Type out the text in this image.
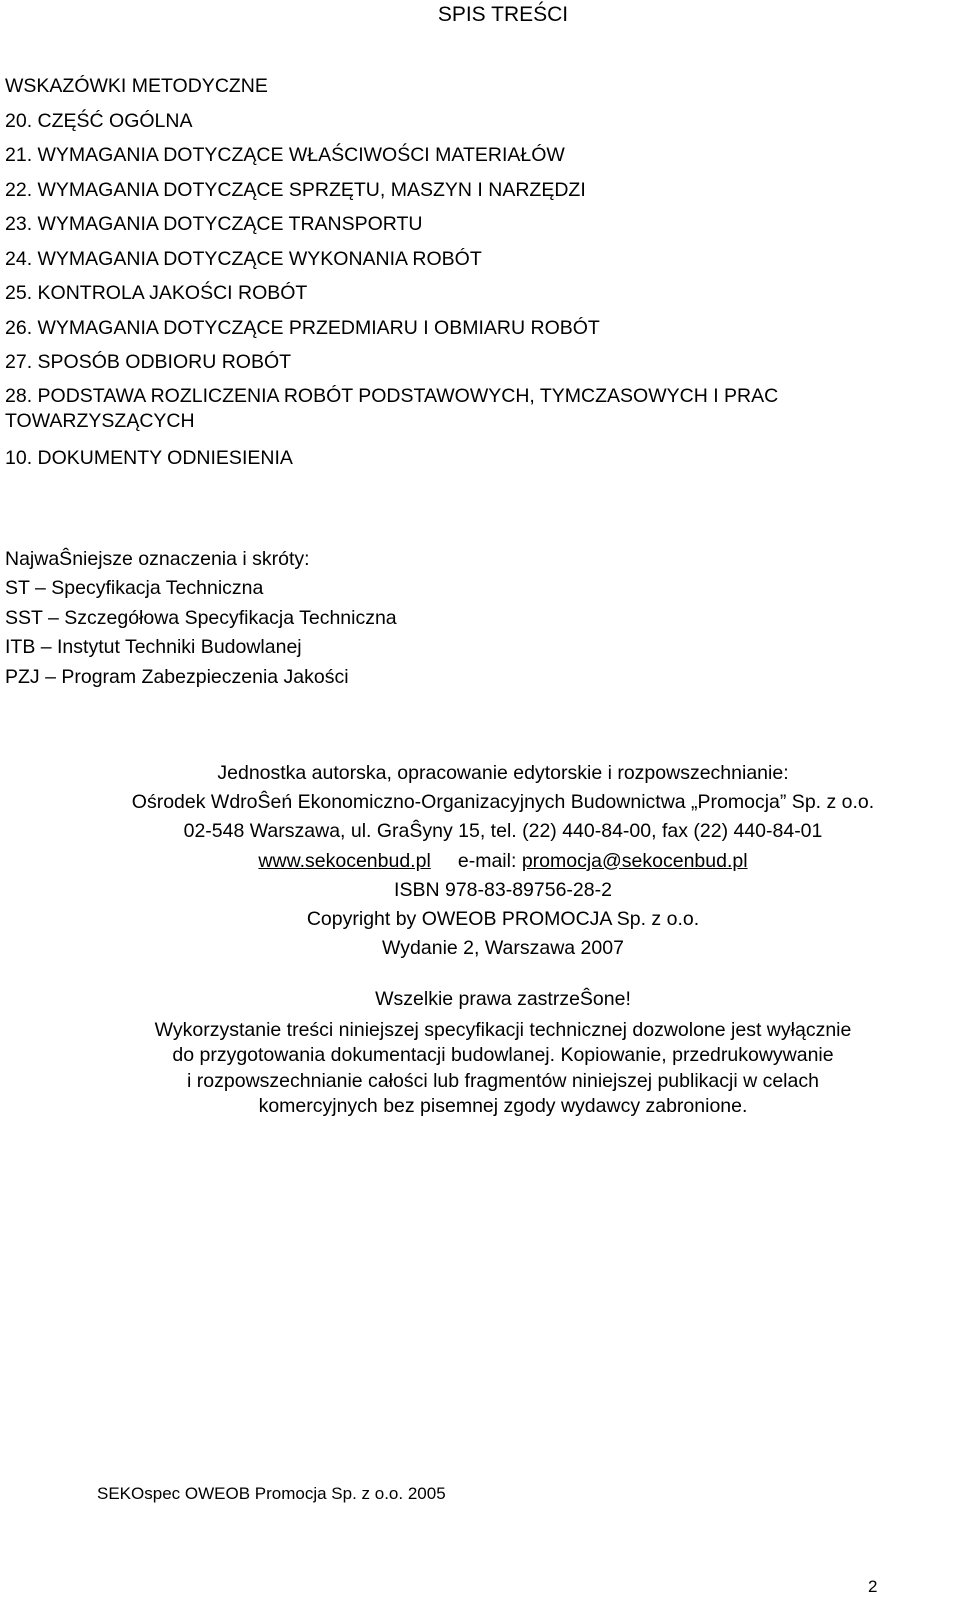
SPIS TREŚCI
WSKAZÓWKI METODYCZNE
20. CZĘŚĆ OGÓLNA
21. WYMAGANIA DOTYCZĄCE WŁAŚCIWOŚCI MATERIAŁÓW
22. WYMAGANIA DOTYCZĄCE SPRZĘTU, MASZYN I NARZĘDZI
23. WYMAGANIA DOTYCZĄCE TRANSPORTU
24. WYMAGANIA DOTYCZĄCE WYKONANIA ROBÓT
25. KONTROLA JAKOŚCI ROBÓT
26. WYMAGANIA DOTYCZĄCE PRZEDMIARU I OBMIARU ROBÓT
27. SPOSÓB ODBIORU ROBÓT
28. PODSTAWA ROZLICZENIA ROBÓT PODSTAWOWYCH, TYMCZASOWYCH I PRAC TOWARZYSZĄCYCH
10. DOKUMENTY ODNIESIENIA
NajwaŜniejsze oznaczenia i skróty:
ST – Specyfikacja Techniczna
SST – Szczegółowa Specyfikacja Techniczna
ITB – Instytut Techniki Budowlanej
PZJ – Program Zabezpieczenia Jakości
Jednostka autorska, opracowanie edytorskie i rozpowszechnianie:
Ośrodek WdroŜeń Ekonomiczno-Organizacyjnych Budownictwa „Promocja” Sp. z o.o.
02-548 Warszawa, ul. GraŜyny 15, tel. (22) 440-84-00, fax (22) 440-84-01
www.sekocenbud.pl e-mail: promocja@sekocenbud.pl
ISBN 978-83-89756-28-2
Copyright by OWEOB PROMOCJA Sp. z o.o.
Wydanie 2, Warszawa 2007
Wszelkie prawa zastrzeŜone!
Wykorzystanie treści niniejszej specyfikacji technicznej dozwolone jest wyłącznie
do przygotowania dokumentacji budowlanej. Kopiowanie, przedrukowywanie
i rozpowszechnianie całości lub fragmentów niniejszej publikacji w celach
komercyjnych bez pisemnej zgody wydawcy zabronione.
SEKOspec OWEOB Promocja Sp. z o.o. 2005
2
